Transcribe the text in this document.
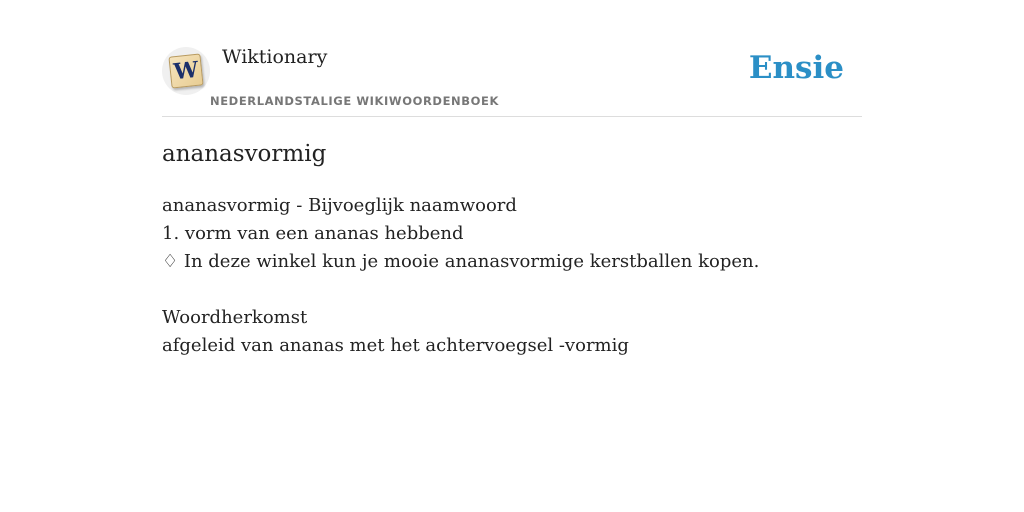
W Wiktionary
NEDERLANDSTALIGE WIKIWOORDENBOEK
Ensie
ananasvormig
ananasvormig - Bijvoeglijk naamwoord
1. vorm van een ananas hebbend
♢ In deze winkel kun je mooie ananasvormige kerstballen kopen.
Woordherkomst
afgeleid van ananas met het achtervoegsel -vormig
